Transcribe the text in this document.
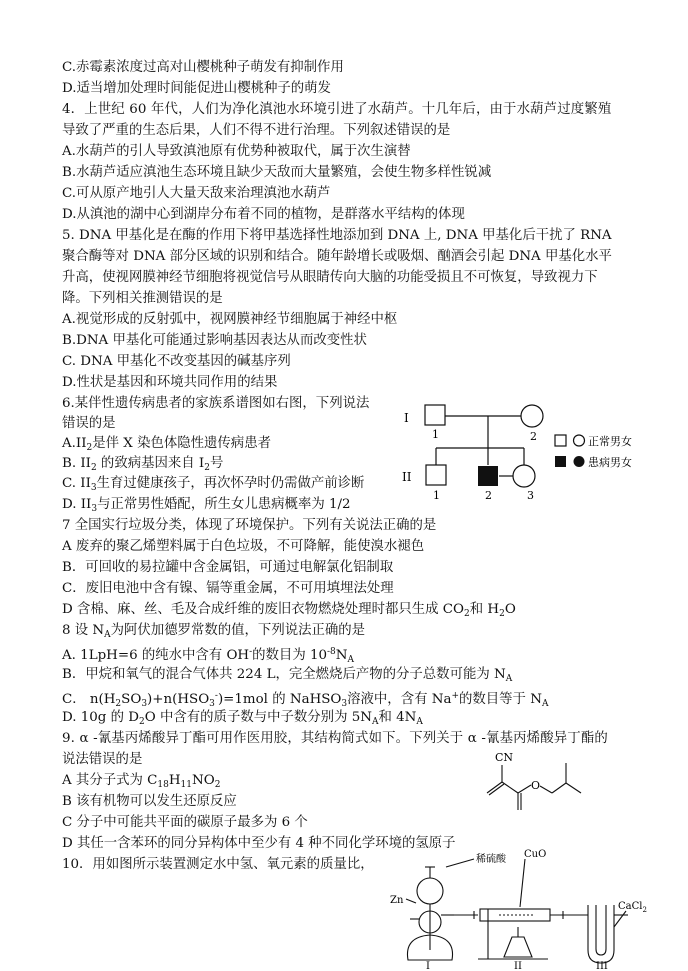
C.赤霉素浓度过高对山樱桃种子萌发有抑制作用
D.适当增加处理时间能促进山樱桃种子的萌发
4．上世纪 60 年代，人们为净化滇池水环境引进了水葫芦。十几年后，由于水葫芦过度繁殖
导致了严重的生态后果，人们不得不进行治理。下列叙述错误的是
A.水葫芦的引人导致滇池原有优势种被取代，属于次生演替
B.水葫芦适应滇池生态环境且缺少天敌而大量繁殖，会使生物多样性锐减
C.可从原产地引人大量天敌来治理滇池水葫芦
D.从滇池的湖中心到湖岸分布着不同的植物，是群落水平结构的体现
5. DNA 甲基化是在酶的作用下将甲基选择性地添加到 DNA 上, DNA 甲基化后干扰了 RNA
聚合酶等对 DNA 部分区域的识别和结合。随年龄增长或吸烟、酗酒会引起 DNA 甲基化水平
升高，使视网膜神经节细胞将视觉信号从眼睛传向大脑的功能受损且不可恢复，导致视力下
降。下列相关推测错误的是
A.视觉形成的反射弧中，视网膜神经节细胞属于神经中枢
B.DNA 甲基化可能通过影响基因表达从而改变性状
C. DNA 甲基化不改变基因的碱基序列
D.性状是基因和环境共同作用的结果
6.某伴性遗传病患者的家族系谱图如右图，下列说法
错误的是
$A.II_2$是伴 X 染色体隐性遗传病患者
B. $II_2$ 的致病基因来自 $I_2$号
C. $II_3$生育过健康孩子，再次怀孕时仍需做产前诊断
D. $II_3$与正常男性婚配，所生女儿患病概率为 1/2
7 全国实行垃圾分类，体现了环境保护。下列有关说法正确的是
A 废弃的聚乙烯塑料属于白色垃圾，不可降解，能使溴水褪色
B．可回收的易拉罐中含金属铝，可通过电解氯化铝制取
C．废旧电池中含有镍、镉等重金属，不可用填埋法处理
D 含棉、麻、丝、毛及合成纤维的废旧衣物燃烧处理时都只生成 $CO_2$和 $H_2O$
8 设 $N_A$为阿伏加德罗常数的值，下列说法正确的是
A. 1LpH=6 的纯水中含有 OH-的数目为 $10^{-8}N_A$
B．甲烷和氧气的混合气体共 224 L，完全燃烧后产物的分子总数可能为 $N_A$
C． $n(H_2SO_3)+n(HSO_3^-)=1mol$ 的 NaHSO$_3$溶液中，含有 Na+的数目等于 $N_A$
D. 10g 的 $D_2O$ 中含有的质子数与中子数分别为 $5N_A$和 $4N_A$
9. α -氰基丙烯酸异丁酯可用作医用胶，其结构简式如下。下列关于 α -氰基丙烯酸异丁酯的
说法错误的是
A 其分子式为 $C_{18}H_{11}NO_2$
B 该有机物可以发生还原反应
C 分子中可能共平面的碳原子最多为 6 个
D 其任一含苯环的同分异构体中至少有 4 种不同化学环境的氢原子
10．用如图所示装置测定水中氢、氧元素的质量比，
I
II
1	2
1	2	3
正常男女
患病男女
CN
O
稀硫酸 CuO
Zn
CaCl$_2$
I	II	III
